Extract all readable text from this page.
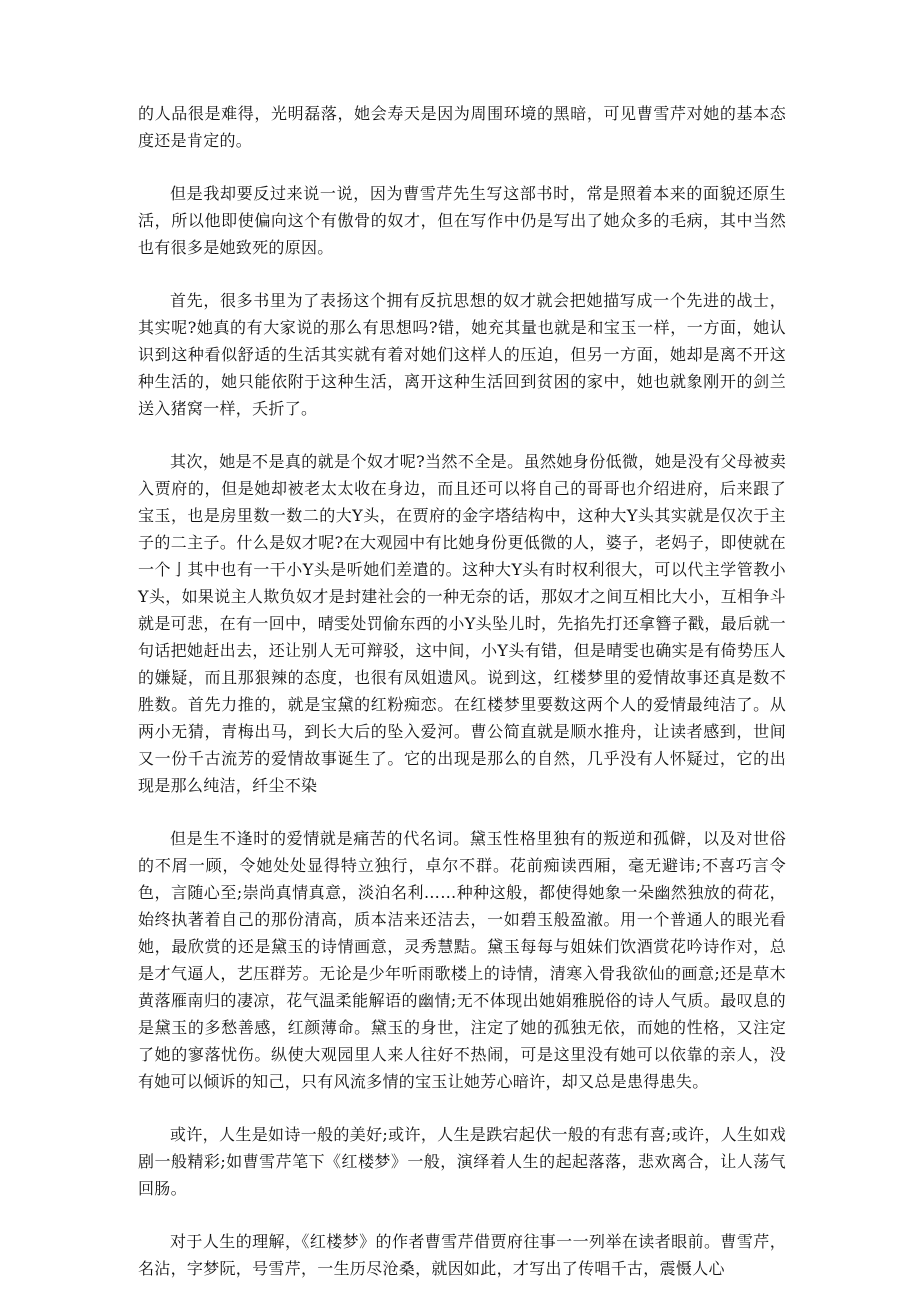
的人品很是难得，光明磊落，她会寿天是因为周围环境的黑暗，可见曹雪芹对她的基本态度还是肯定的。

但是我却要反过来说一说，因为曹雪芹先生写这部书时，常是照着本来的面貌还原生活，所以他即使偏向这个有傲骨的奴才，但在写作中仍是写出了她众多的毛病，其中当然也有很多是她致死的原因。

首先，很多书里为了表扬这个拥有反抗思想的奴才就会把她描写成一个先进的战士，其实呢?她真的有大家说的那么有思想吗?错，她充其量也就是和宝玉一样，一方面，她认识到这种看似舒适的生活其实就有着对她们这样人的压迫，但另一方面，她却是离不开这种生活的，她只能依附于这种生活，离开这种生活回到贫困的家中，她也就象刚开的剑兰送入猪窝一样，夭折了。

其次，她是不是真的就是个奴才呢?当然不全是。虽然她身份低微，她是没有父母被卖入贾府的，但是她却被老太太收在身边，而且还可以将自己的哥哥也介绍进府，后来跟了宝玉，也是房里数一数二的大Y头，在贾府的金字塔结构中，这种大Y头其实就是仅次于主子的二主子。什么是奴才呢?在大观园中有比她身份更低微的人，婆子，老妈子，即使就在一个亅其中也有一干小Y头是听她们差遣的。这种大Y头有时权利很大，可以代主学管教小Y头，如果说主人欺负奴才是封建社会的一种无奈的话，那奴才之间互相比大小，互相争斗就是可悲，在有一回中，晴雯处罚偷东西的小Y头坠儿时，先掐先打还拿簪子戳，最后就一句话把她赶出去，还让别人无可辩驳，这中间，小Y头有错，但是晴雯也确实是有倚势压人的嫌疑，而且那狠辣的态度，也很有凤姐遗风。说到这，红楼梦里的爱情故事还真是数不胜数。首先力推的，就是宝黛的红粉痴恋。在红楼梦里要数这两个人的爱情最纯洁了。从两小无猜，青梅出马，到长大后的坠入爱河。曹公简直就是顺水推舟，让读者感到，世间又一份千古流芳的爱情故事诞生了。它的出现是那么的自然，几乎没有人怀疑过，它的出现是那么纯洁，纤尘不染

但是生不逢时的爱情就是痛苦的代名词。黛玉性格里独有的叛逆和孤僻，以及对世俗的不屑一顾，令她处处显得特立独行，卓尔不群。花前痴读西厢，毫无避讳;不喜巧言令色，言随心至;崇尚真情真意，淡泊名利……种种这般，都使得她象一朵幽然独放的荷花，始终执著着自己的那份清高，质本洁来还洁去，一如碧玉般盈澈。用一个普通人的眼光看她，最欣赏的还是黛玉的诗情画意，灵秀慧黠。黛玉每每与姐妹们饮酒赏花吟诗作对，总是才气逼人，艺压群芳。无论是少年听雨歌楼上的诗情，清寒入骨我欲仙的画意;还是草木黄落雁南归的凄凉，花气温柔能解语的幽情;无不体现出她娟雅脱俗的诗人气质。最叹息的是黛玉的多愁善感，红颜薄命。黛玉的身世，注定了她的孤独无依，而她的性格，又注定了她的寥落忧伤。纵使大观园里人来人往好不热闹，可是这里没有她可以依靠的亲人，没有她可以倾诉的知己，只有风流多情的宝玉让她芳心暗许，却又总是患得患失。

或许，人生是如诗一般的美好;或许，人生是跌宕起伏一般的有悲有喜;或许，人生如戏剧一般精彩;如曹雪芹笔下《红楼梦》一般，演绎着人生的起起落落，悲欢离合，让人荡气回肠。

对于人生的理解，《红楼梦》的作者曹雪芹借贾府往事一一列举在读者眼前。曹雪芹，名沾，字梦阮，号雪芹，一生历尽沧桑，就因如此，才写出了传唱千古，震慑人心
